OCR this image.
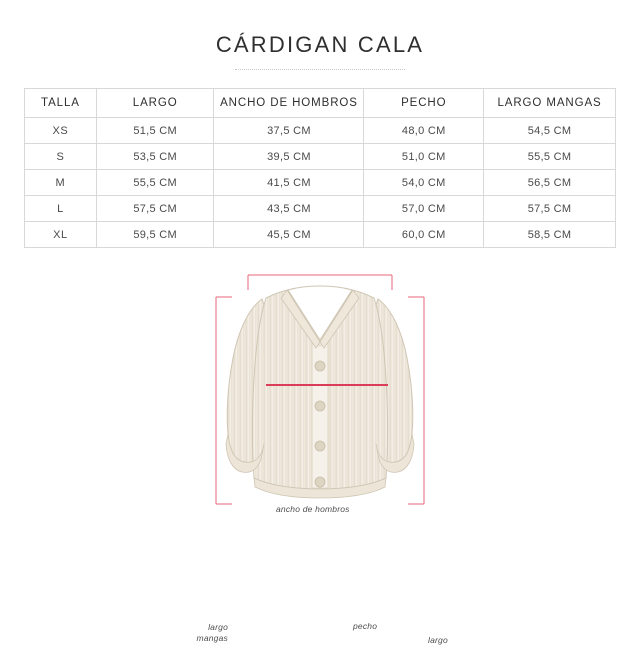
CÁRDIGAN CALA
TALLA	LARGO	ANCHO DE HOMBROS	PECHO	LARGO MANGAS
XS	51,5 CM	37,5 CM	48,0 CM	54,5 CM
S	53,5 CM	39,5 CM	51,0 CM	55,5 CM
M	55,5 CM	41,5 CM	54,0 CM	56,5 CM
L	57,5 CM	43,5 CM	57,0 CM	57,5 CM
XL	59,5 CM	45,5 CM	60,0 CM	58,5 CM
ancho de hombros
largo
mangas
pecho
largo
